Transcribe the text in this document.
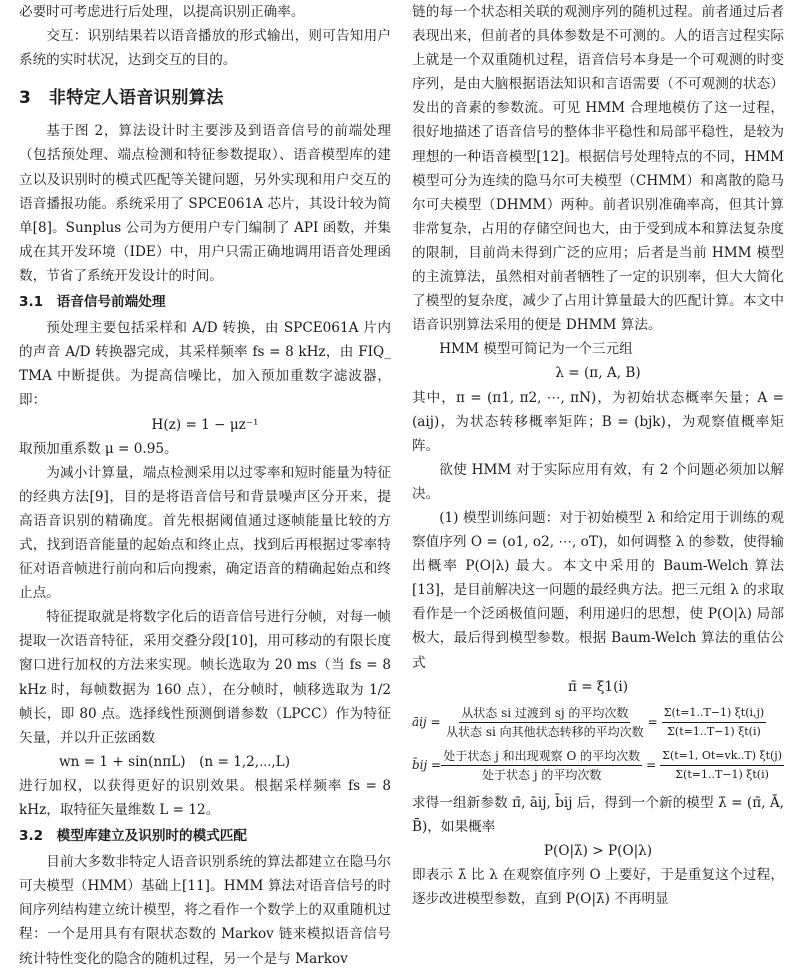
必要时可考虑进行后处理，以提高识别正确率。

交互：识别结果若以语音播放的形式输出，则可告知用户系统的实时状况，达到交互的目的。

3　非特定人语音识别算法

基于图 2，算法设计时主要涉及到语音信号的前端处理（包括预处理、端点检测和特征参数提取）、语音模型库的建立以及识别时的模式匹配等关键问题，另外实现和用户交互的语音播报功能。系统采用了 SPCE061A 芯片，其设计较为简单[8]。Sunplus 公司为方便用户专门编制了 API 函数，并集成在其开发环境（IDE）中，用户只需正确地调用语音处理函数，节省了系统开发设计的时间。

3.1　语音信号前端处理

预处理主要包括采样和 A/D 转换，由 SPCE061A 片内的声音 A/D 转换器完成，其采样频率 fs = 8 kHz，由 FIQ_ TMA 中断提供。为提高信噪比，加入预加重数字滤波器，即：

H(z) = 1 − μz⁻¹

取预加重系数 μ = 0.95。

为减小计算量，端点检测采用以过零率和短时能量为特征的经典方法[9]，目的是将语音信号和背景噪声区分开来，提高语音识别的精确度。首先根据阈值通过逐帧能量比较的方式，找到语音能量的起始点和终止点，找到后再根据过零率特征对语音帧进行前向和后向搜索，确定语音的精确起始点和终止点。

特征提取就是将数字化后的语音信号进行分帧，对每一帧提取一次语音特征，采用交叠分段[10]，用可移动的有限长度窗口进行加权的方法来实现。帧长选取为 20 ms（当 fs = 8 kHz 时，每帧数据为 160 点），在分帧时，帧移选取为 1/2 帧长，即 80 点。选择线性预测倒谱参数（LPCC）作为特征矢量，并以升正弦函数

wn = 1 + sin(nπL)　(n = 1,2,⋯,L)

进行加权，以获得更好的识别效果。根据采样频率 fs = 8 kHz，取特征矢量维数 L = 12。

3.2　模型库建立及识别时的模式匹配

目前大多数非特定人语音识别系统的算法都建立在隐马尔可夫模型（HMM）基础上[11]。HMM 算法对语音信号的时间序列结构建立统计模型，将之看作一个数学上的双重随机过程：一个是用具有有限状态数的 Markov 链来模拟语音信号统计特性变化的隐含的随机过程，另一个是与 Markov

链的每一个状态相关联的观测序列的随机过程。前者通过后者表现出来，但前者的具体参数是不可测的。人的语言过程实际上就是一个双重随机过程，语音信号本身是一个可观测的时变序列，是由大脑根据语法知识和言语需要（不可观测的状态）发出的音素的参数流。可见 HMM 合理地模仿了这一过程，很好地描述了语音信号的整体非平稳性和局部平稳性，是较为理想的一种语音模型[12]。根据信号处理特点的不同，HMM 模型可分为连续的隐马尔可夫模型（CHMM）和离散的隐马尔可夫模型（DHMM）两种。前者识别准确率高，但其计算非常复杂，占用的存储空间也大，由于受到成本和算法复杂度的限制，目前尚未得到广泛的应用；后者是当前 HMM 模型的主流算法，虽然相对前者牺牲了一定的识别率，但大大简化了模型的复杂度，减少了占用计算量最大的匹配计算。本文中语音识别算法采用的便是 DHMM 算法。

HMM 模型可简记为一个三元组

λ = (π, A, B)

其中，π = (π1, π2, ⋯, πN)，为初始状态概率矢量；A = (aij)，为状态转移概率矩阵；B = (bjk)，为观察值概率矩阵。

欲使 HMM 对于实际应用有效，有 2 个问题必须加以解决。

(1) 模型训练问题：对于初始模型 λ 和给定用于训练的观察值序列 O = (o1, o2, ⋯, oT)，如何调整 λ 的参数，使得输出概率 P(O|λ) 最大。本文中采用的 Baum-Welch 算法[13]，是目前解决这一问题的最经典方法。把三元组 λ 的求取看作是一个泛函极值问题，利用递归的思想，使 P(O|λ) 局部极大，最后得到模型参数。根据 Baum-Welch 算法的重估公式

π̄ = ξ1(i)

āij = $\frac{\text{从状态 si 过渡到 sj 的平均次数}}{\text{从状态 si 向其他状态转移的平均次数}} = \frac{\Sigma(t=1..T-1) \xi t(i,j)}{\Sigma(t=1..T-1) \xi t(i)}$
b̄ij = $\frac{\text{处于状态 j 和出现观察 O 的平均次数}}{\text{处于状态 j 的平均次数}} = \frac{\Sigma(t=1, Ot=vk..T) \xi t(j)}{\Sigma(t=1..T-1) \xi t(i)}$

求得一组新参数 π̄, āij, b̄ij 后，得到一个新的模型 λ̄ = (π̄, Ā, B̄)，如果概率

P(O|λ̄) > P(O|λ)

即表示 λ̄ 比 λ 在观察值序列 O 上要好，于是重复这个过程，逐步改进模型参数，直到 P(O|λ̄) 不再明显
